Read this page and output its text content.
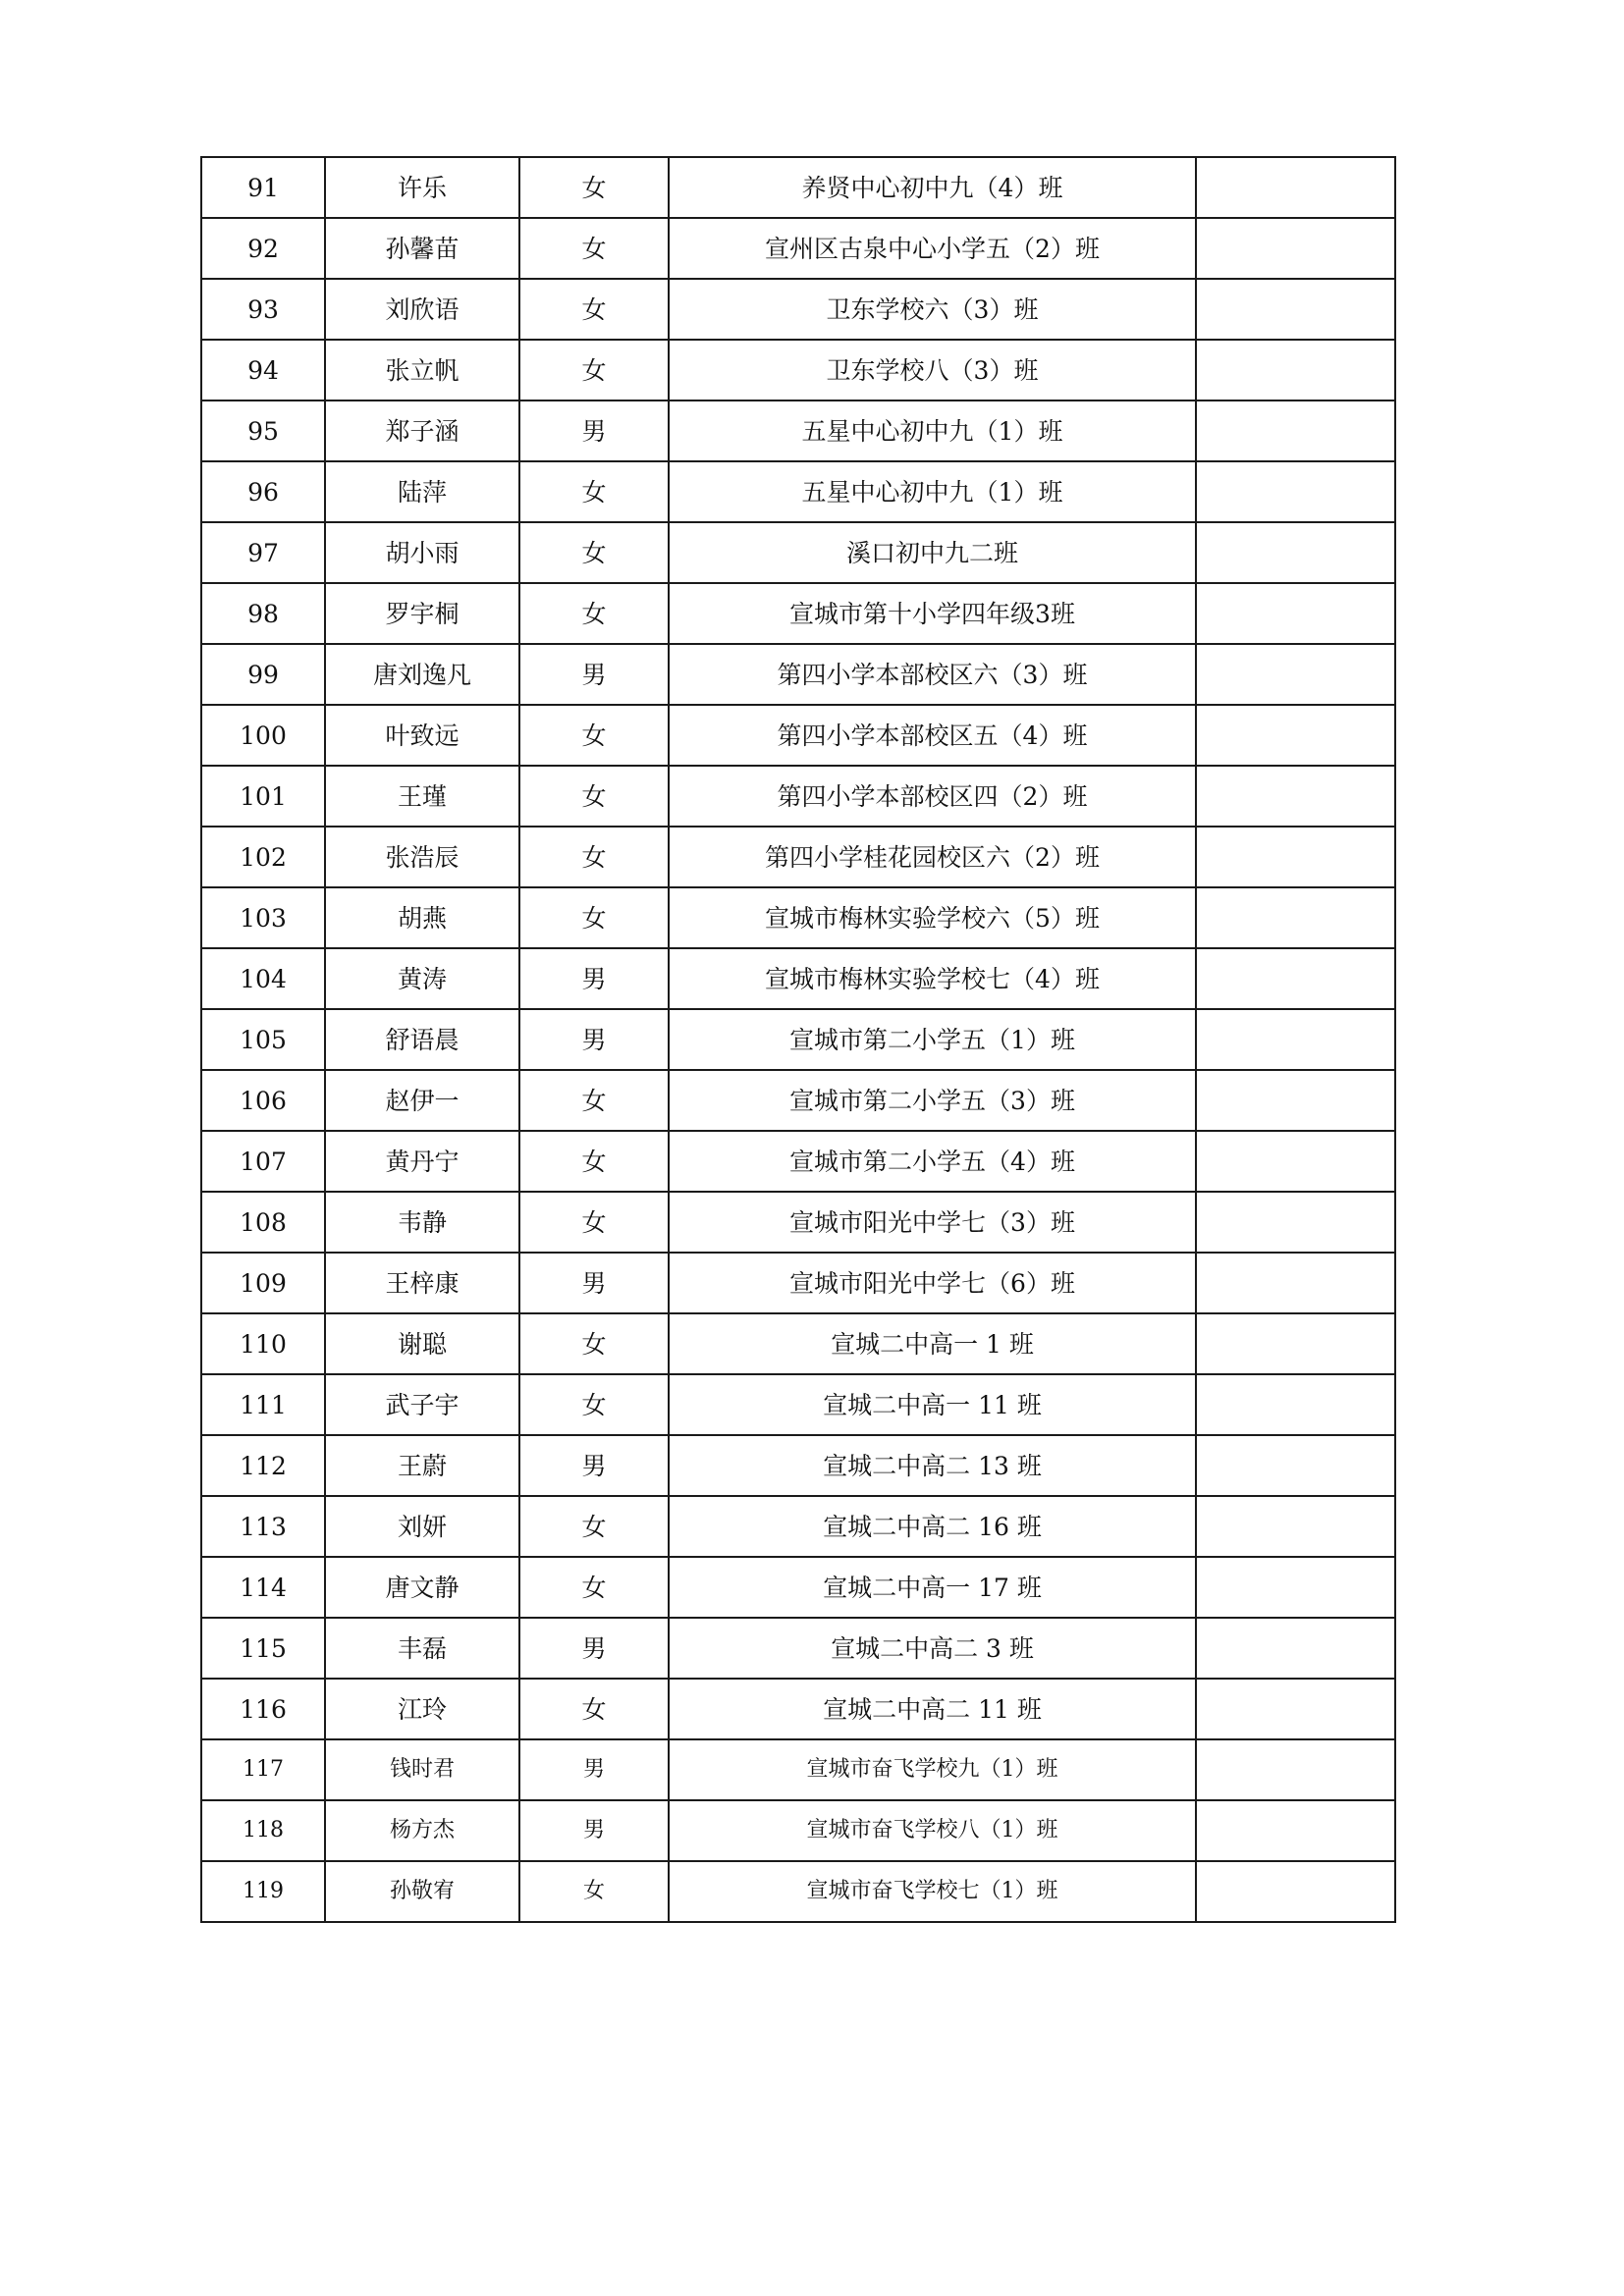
91	许乐	女	养贤中心初中九（4）班	
92	孙馨苗	女	宣州区古泉中心小学五（2）班	
93	刘欣语	女	卫东学校六（3）班	
94	张立帆	女	卫东学校八（3）班	
95	郑子涵	男	五星中心初中九（1）班	
96	陆萍	女	五星中心初中九（1）班	
97	胡小雨	女	溪口初中九二班	
98	罗宇桐	女	宣城市第十小学四年级3班	
99	唐刘逸凡	男	第四小学本部校区六（3）班	
100	叶致远	女	第四小学本部校区五（4）班	
101	王瑾	女	第四小学本部校区四（2）班	
102	张浩辰	女	第四小学桂花园校区六（2）班	
103	胡燕	女	宣城市梅林实验学校六（5）班	
104	黄涛	男	宣城市梅林实验学校七（4）班	
105	舒语晨	男	宣城市第二小学五（1）班	
106	赵伊一	女	宣城市第二小学五（3）班	
107	黄丹宁	女	宣城市第二小学五（4）班	
108	韦静	女	宣城市阳光中学七（3）班	
109	王梓康	男	宣城市阳光中学七（6）班	
110	谢聪	女	宣城二中高一 1 班	
111	武子宇	女	宣城二中高一 11 班	
112	王蔚	男	宣城二中高二 13 班	
113	刘妍	女	宣城二中高二 16 班	
114	唐文静	女	宣城二中高一 17 班	
115	丰磊	男	宣城二中高二 3 班	
116	江玲	女	宣城二中高二 11 班	
117	钱时君	男	宣城市奋飞学校九（1）班	
118	杨方杰	男	宣城市奋飞学校八（1）班	
119	孙敬宥	女	宣城市奋飞学校七（1）班	
